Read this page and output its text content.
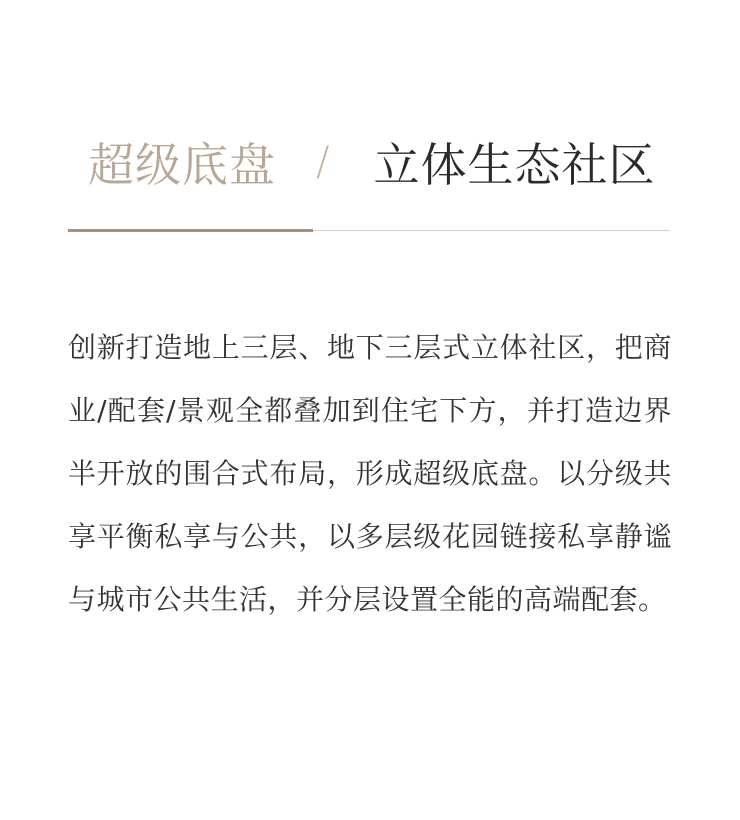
超级底盘 / 立体生态社区

创新打造地上三层、地下三层式立体社区，把商业/配套/景观全都叠加到住宅下方，并打造边界半开放的围合式布局，形成超级底盘。以分级共享平衡私享与公共，以多层级花园链接私享静谧与城市公共生活，并分层设置全能的高端配套。
